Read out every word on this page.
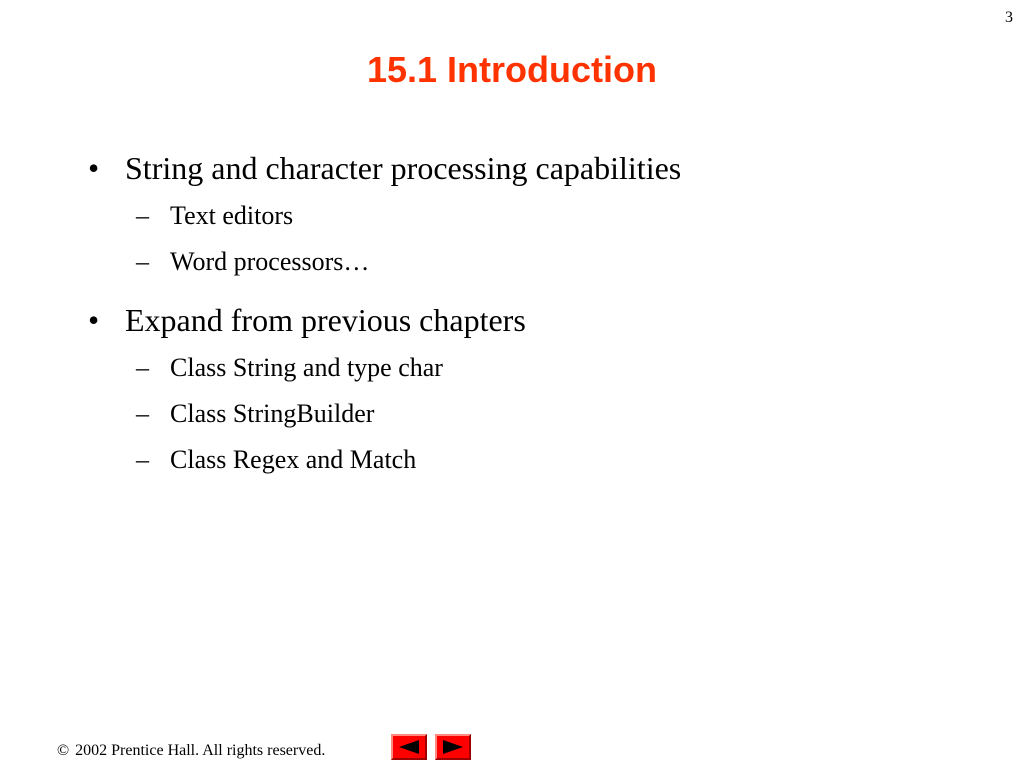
3
15.1 Introduction
• String and character processing capabilities
– Text editors
– Word processors…
• Expand from previous chapters
– Class String and type char
– Class StringBuilder
– Class Regex and Match
© 2002 Prentice Hall. All rights reserved.
